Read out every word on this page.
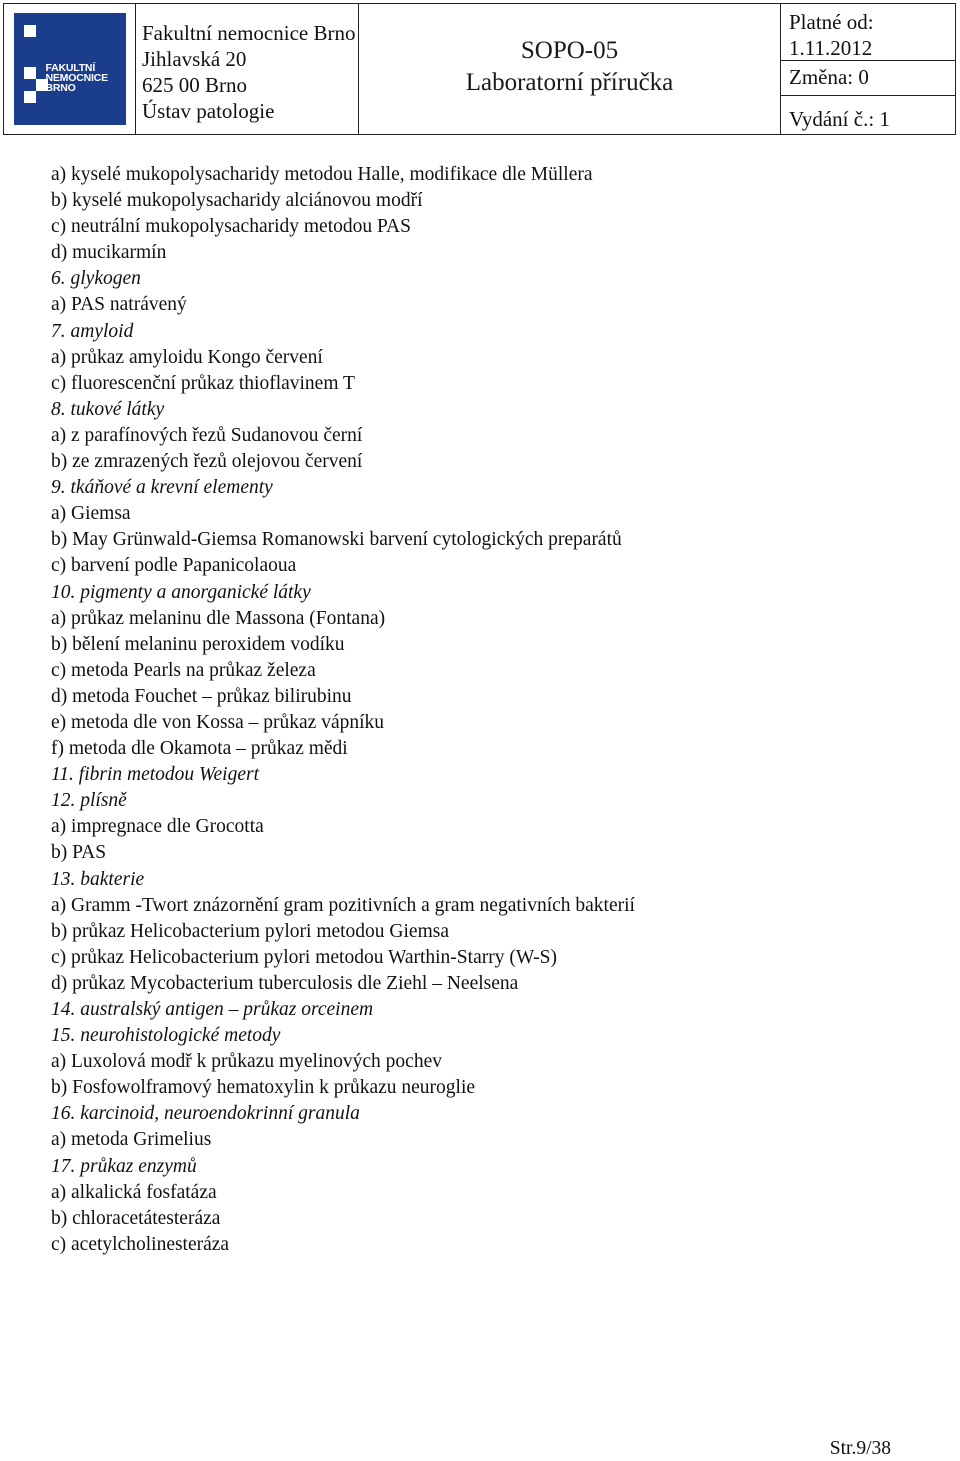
FAKULTNÍ
NEMOCNICE
BRNO
Fakultní nemocnice Brno
Jihlavská 20
625 00 Brno
Ústav patologie
SOPO-05
Laboratorní příručka
Platné od:
1.11.2012
Změna: 0
Vydání č.: 1
a) kyselé mukopolysacharidy metodou Halle, modifikace dle Müllera
b) kyselé mukopolysacharidy alciánovou modří
c) neutrální mukopolysacharidy metodou PAS
d) mucikarmín
6. glykogen
a) PAS natrávený
7. amyloid
a) průkaz amyloidu Kongo červení
c) fluorescenční průkaz thioflavinem T
8. tukové látky
a) z parafínových řezů Sudanovou černí
b) ze zmrazených řezů olejovou červení
9. tkáňové a krevní elementy
a) Giemsa
b) May Grünwald-Giemsa Romanowski barvení cytologických preparátů
c) barvení podle Papanicolaoua
10. pigmenty a anorganické látky
a) průkaz melaninu dle Massona (Fontana)
b) bělení melaninu peroxidem vodíku
c) metoda Pearls na průkaz železa
d) metoda Fouchet – průkaz bilirubinu
e) metoda dle von Kossa – průkaz vápníku
f) metoda dle Okamota – průkaz mědi
11. fibrin metodou Weigert
12. plísně
a) impregnace dle Grocotta
b) PAS
13. bakterie
a) Gramm -Twort znázornění gram pozitivních a gram negativních bakterií
b) průkaz Helicobacterium pylori metodou Giemsa
c) průkaz Helicobacterium pylori metodou Warthin-Starry (W-S)
d) průkaz Mycobacterium tuberculosis dle Ziehl – Neelsena
14. australský antigen – průkaz orceinem
15. neurohistologické metody
a) Luxolová modř k průkazu myelinových pochev
b) Fosfowolframový hematoxylin k průkazu neuroglie
16. karcinoid, neuroendokrinní granula
a) metoda Grimelius
17. průkaz enzymů
a) alkalická fosfatáza
b) chloracetátesteráza
c) acetylcholinesteráza
Str.9/38
